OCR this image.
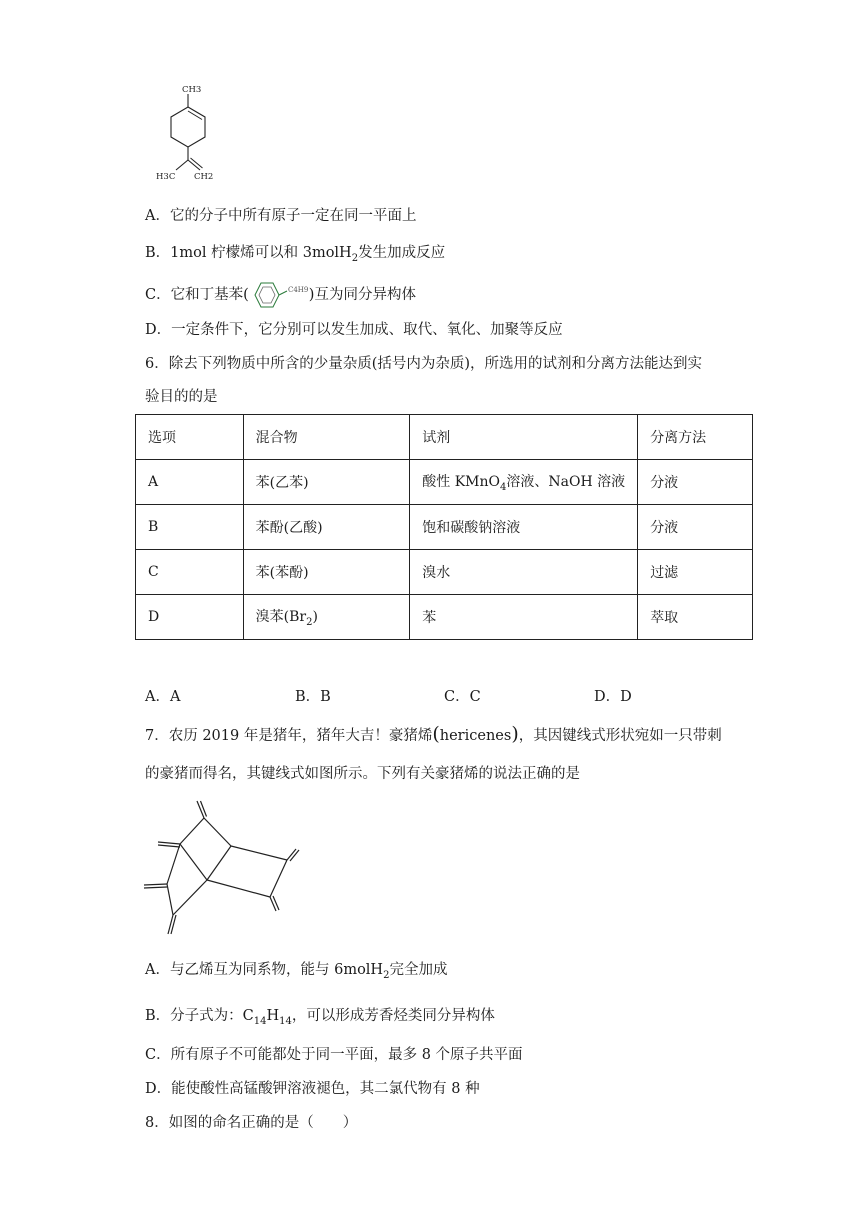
CH3
H3C CH2
A．它的分子中所有原子一定在同一平面上
B．1mol 柠檬烯可以和 3molH$_2$发生加成反应
C．它和丁基苯(	C4H9 )互为同分异构体
D．一定条件下，它分别可以发生加成、取代、氧化、加聚等反应
6．除去下列物质中所含的少量杂质(括号内为杂质)，所选用的试剂和分离方法能达到实
验目的的是
选项	混合物	试剂	分离方法
A	苯(乙苯)	酸性 KMnO$_4$溶液、NaOH 溶液	分液
B	苯酚(乙酸)	饱和碳酸钠溶液	分液
C	苯(苯酚)	溴水	过滤
D	溴苯$(Br_2)$	苯	萃取
A．A	B．B	C．C	D．D
7．农历 2019 年是猪年，猪年大吉！豪猪烯(hericenes)，其因键线式形状宛如一只带刺
的豪猪而得名，其键线式如图所示。下列有关豪猪烯的说法正确的是
A．与乙烯互为同系物，能与 6molH$_2$完全加成
B．分子式为：$C_{14}H_{14}$，可以形成芳香烃类同分异构体
C．所有原子不可能都处于同一平面，最多 8 个原子共平面
D．能使酸性高锰酸钾溶液褪色，其二氯代物有 8 种
8．如图的命名正确的是（　　）
